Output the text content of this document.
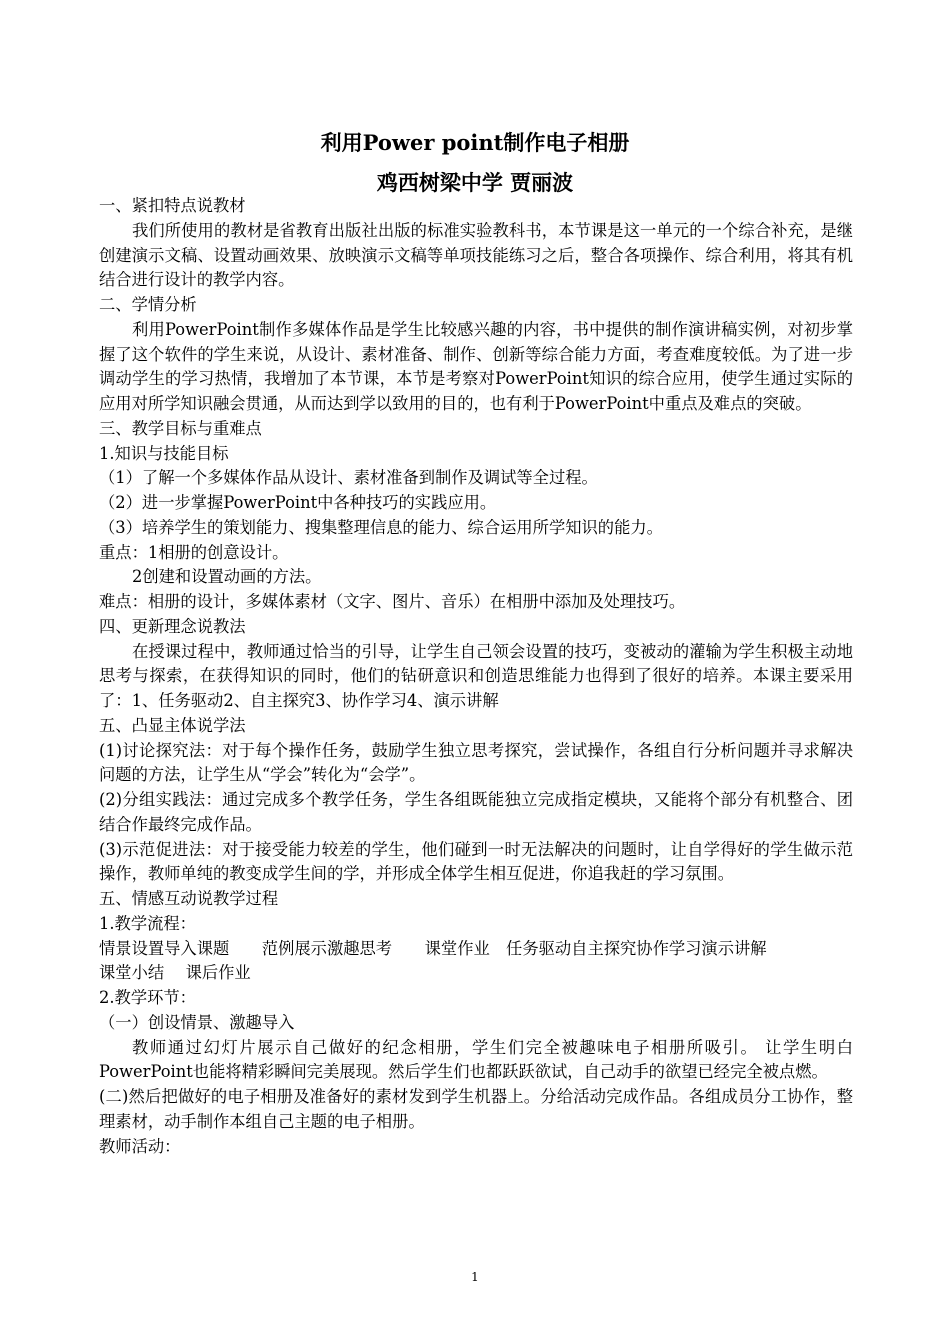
利用Power point制作电子相册
鸡西树梁中学 贾丽波

一、紧扣特点说教材

我们所使用的教材是省教育出版社出版的标准实验教科书，本节课是这一单元的一个综合补充，是继创建演示文稿、设置动画效果、放映演示文稿等单项技能练习之后，整合各项操作、综合利用，将其有机结合进行设计的教学内容。

二、学情分析

利用PowerPoint制作多媒体作品是学生比较感兴趣的内容，书中提供的制作演讲稿实例，对初步掌握了这个软件的学生来说，从设计、素材准备、制作、创新等综合能力方面，考查难度较低。为了进一步调动学生的学习热情，我增加了本节课，本节是考察对PowerPoint知识的综合应用，使学生通过实际的应用对所学知识融会贯通，从而达到学以致用的目的，也有利于PowerPoint中重点及难点的突破。

三、教学目标与重难点

1.知识与技能目标

（1）了解一个多媒体作品从设计、素材准备到制作及调试等全过程。

（2）进一步掌握PowerPoint中各种技巧的实践应用。

（3）培养学生的策划能力、搜集整理信息的能力、综合运用所学知识的能力。

重点：1相册的创意设计。

2创建和设置动画的方法。

难点：相册的设计，多媒体素材（文字、图片、音乐）在相册中添加及处理技巧。

四、更新理念说教法

在授课过程中，教师通过恰当的引导，让学生自己领会设置的技巧，变被动的灌输为学生积极主动地思考与探索，在获得知识的同时，他们的钻研意识和创造思维能力也得到了很好的培养。本课主要采用了：1、任务驱动2、自主探究3、协作学习4、演示讲解

五、凸显主体说学法

(1)讨论探究法：对于每个操作任务，鼓励学生独立思考探究，尝试操作，各组自行分析问题并寻求解决问题的方法，让学生从“学会”转化为“会学”。

(2)分组实践法：通过完成多个教学任务，学生各组既能独立完成指定模块，又能将个部分有机整合、团结合作最终完成作品。

(3)示范促进法：对于接受能力较差的学生，他们碰到一时无法解决的问题时，让自学得好的学生做示范操作，教师单纯的教变成学生间的学，并形成全体学生相互促进，你追我赶的学习氛围。

五、情感互动说教学过程

1.教学流程：

情景设置导入课题　　范例展示激趣思考　　课堂作业　任务驱动自主探究协作学习演示讲解

课堂小结　 课后作业

2.教学环节：

（一）创设情景、激趣导入

教师通过幻灯片展示自己做好的纪念相册，学生们完全被趣味电子相册所吸引。 让学生明白PowerPoint也能将精彩瞬间完美展现。然后学生们也都跃跃欲试，自己动手的欲望已经完全被点燃。

(二)然后把做好的电子相册及准备好的素材发到学生机器上。分给活动完成作品。各组成员分工协作，整理素材，动手制作本组自己主题的电子相册。

教师活动：

1
